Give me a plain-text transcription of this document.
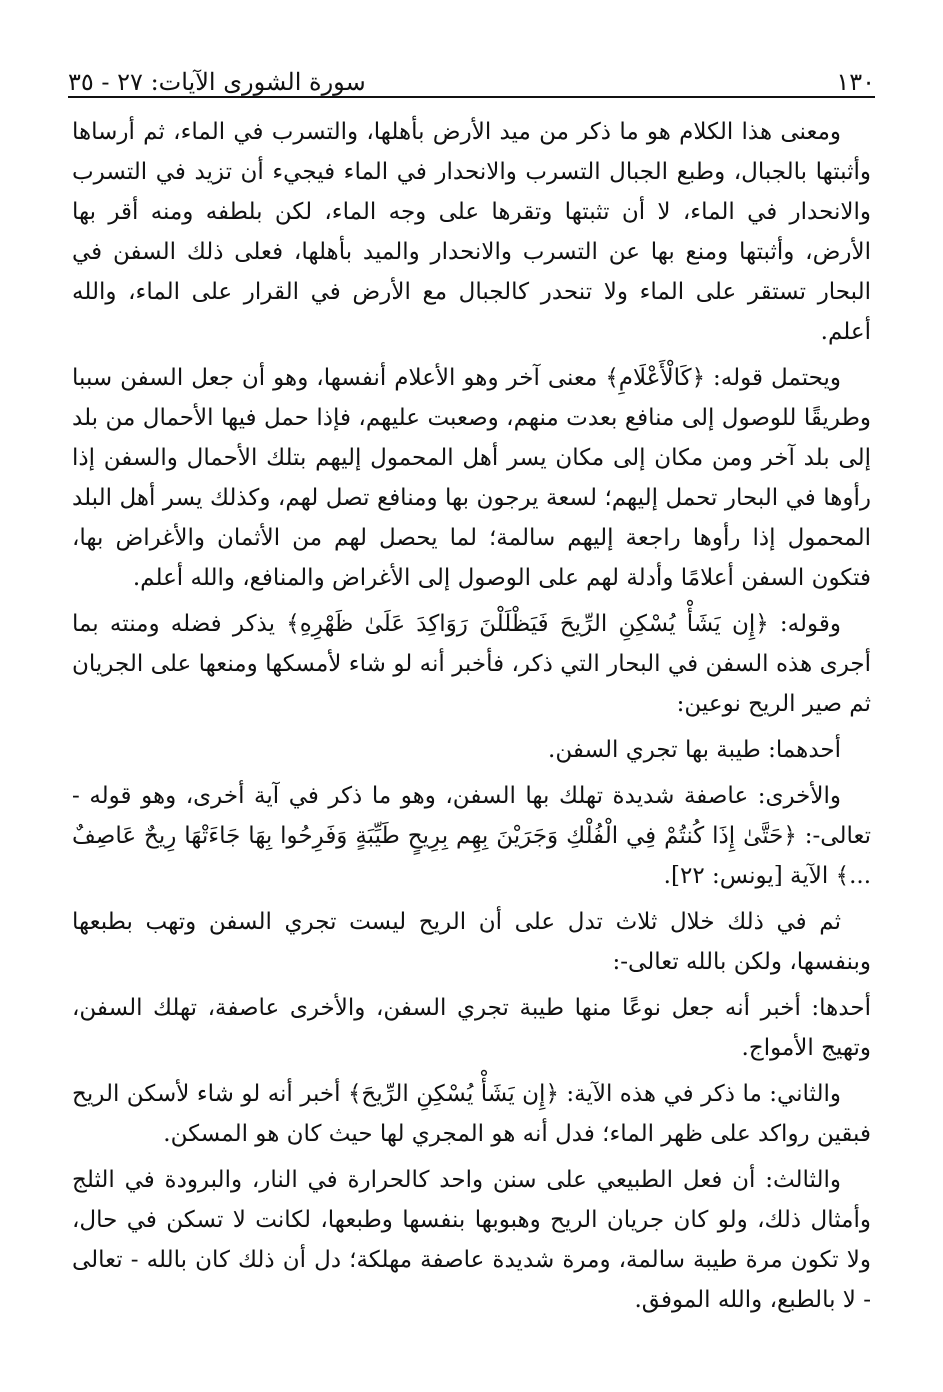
١٣٠
سورة الشورى الآيات: ٢٧ - ٣٥

ومعنى هذا الكلام هو ما ذكر من ميد الأرض بأهلها، والتسرب في الماء، ثم أرساها وأثبتها بالجبال، وطبع الجبال التسرب والانحدار في الماء فيجيء أن تزيد في التسرب والانحدار في الماء، لا أن تثبتها وتقرها على وجه الماء، لكن بلطفه ومنه أقر بها الأرض، وأثبتها ومنع بها عن التسرب والانحدار والميد بأهلها، فعلى ذلك السفن في البحار تستقر على الماء ولا تنحدر كالجبال مع الأرض في القرار على الماء، والله أعلم.

ويحتمل قوله: ﴿كَالْأَعْلَامِ﴾ معنى آخر وهو الأعلام أنفسها، وهو أن جعل السفن سببا وطريقًا للوصول إلى منافع بعدت منهم، وصعبت عليهم، فإذا حمل فيها الأحمال من بلد إلى بلد آخر ومن مكان إلى مكان يسر أهل المحمول إليهم بتلك الأحمال والسفن إذا رأوها في البحار تحمل إليهم؛ لسعة يرجون بها ومنافع تصل لهم، وكذلك يسر أهل البلد المحمول إذا رأوها راجعة إليهم سالمة؛ لما يحصل لهم من الأثمان والأغراض بها، فتكون السفن أعلامًا وأدلة لهم على الوصول إلى الأغراض والمنافع، والله أعلم.

وقوله: ﴿إِن يَشَأْ يُسْكِنِ الرِّيحَ فَيَظْلَلْنَ رَوَاكِدَ عَلَىٰ ظَهْرِهِ﴾ يذكر فضله ومنته بما أجرى هذه السفن في البحار التي ذكر، فأخبر أنه لو شاء لأمسكها ومنعها على الجريان ثم صير الريح نوعين:

أحدهما: طيبة بها تجري السفن.

والأخرى: عاصفة شديدة تهلك بها السفن، وهو ما ذكر في آية أخرى، وهو قوله - تعالى-: ﴿حَتَّىٰ إِذَا كُنتُمْ فِي الْفُلْكِ وَجَرَيْنَ بِهِم بِرِيحٍ طَيِّبَةٍ وَفَرِحُوا بِهَا جَاءَتْهَا رِيحٌ عَاصِفٌ ...﴾ الآية [يونس: ٢٢].

ثم في ذلك خلال ثلاث تدل على أن الريح ليست تجري السفن وتهب بطبعها وبنفسها، ولكن بالله تعالى-:

أحدها: أخبر أنه جعل نوعًا منها طيبة تجري السفن، والأخرى عاصفة، تهلك السفن، وتهيج الأمواج.

والثاني: ما ذكر في هذه الآية: ﴿إِن يَشَأْ يُسْكِنِ الرِّيحَ﴾ أخبر أنه لو شاء لأسكن الريح فبقين رواكد على ظهر الماء؛ فدل أنه هو المجري لها حيث كان هو المسكن.

والثالث: أن فعل الطبيعي على سنن واحد كالحرارة في النار، والبرودة في الثلج وأمثال ذلك، ولو كان جريان الريح وهبوبها بنفسها وطبعها، لكانت لا تسكن في حال، ولا تكون مرة طيبة سالمة، ومرة شديدة عاصفة مهلكة؛ دل أن ذلك كان بالله - تعالى - لا بالطبع، والله الموفق.
